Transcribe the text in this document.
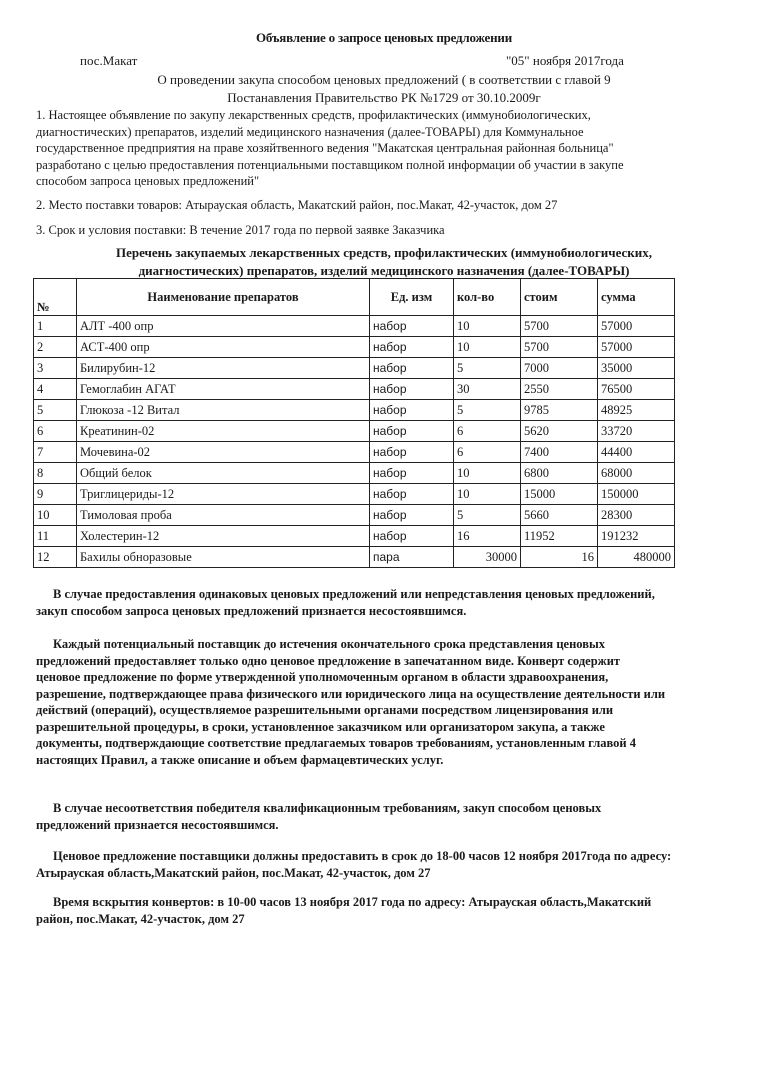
Объявление о запросе ценовых предложении
пос.Макат	"05" ноября 2017года
О проведении закупа способом ценовых предложений ( в соответствии с главой 9
Постанавления Правительство РК №1729 от 30.10.2009г
1. Настоящее объявление по закупу лекарственных средств, профилактических (иммунобиологических,
диагностических) препаратов, изделий медицинского назначения (далее-ТОВАРЫ) для Коммунальное
государственное предприятия на праве хозяйтвенного ведения "Макатская центральная районная больница"
разработано с целью предоставления потенциальными поставщиком полной информации об участии в закупе
способом запроса ценовых предложений"
2. Место поставки товаров: Атырауская область, Макатский район, пос.Макат, 42-участок, дом 27
3. Срок и условия поставки: В течение 2017 года по первой заявке Заказчика
Перечень закупаемых лекарственных средств, профилактических (иммунобиологических,
диагностических) препаратов, изделий медицинского назначения (далее-ТОВАРЫ)
№	Наименование препаратов	Ед. изм	кол-во	стоим	сумма
1	АЛТ -400 опр	набор	10	5700	57000
2	АСТ-400 опр	набор	10	5700	57000
3	Билирубин-12	набор	5	7000	35000
4	Гемоглабин АГАТ	набор	30	2550	76500
5	Глюкоза -12 Витал	набор	5	9785	48925
6	Креатинин-02	набор	6	5620	33720
7	Мочевина-02	набор	6	7400	44400
8	Общий белок	набор	10	6800	68000
9	Триглицериды-12	набор	10	15000	150000
10	Тимоловая проба	набор	5	5660	28300
11	Холестерин-12	набор	16	11952	191232
12	Бахилы обноразовые	пара	30000	16	480000
В случае предоставления одинаковых ценовых предложений или непредставления ценовых предложений,
закуп способом запроса ценовых предложений признается несостоявшимся.
Каждый потенциальный поставщик до истечения окончательного срока представления ценовых
предложений предоставляет только одно ценовое предложение в запечатанном виде. Конверт содержит
ценовое предложение по форме утвержденной уполномоченным органом в области здравоохранения,
разрешение, подтверждающее права физического или юридического лица на осуществление деятельности или
действий (операций), осуществляемое разрешительными органами посредством лицензирования или
разрешительной процедуры, в сроки, установленное заказчиком или организатором закупа, а также
документы, подтверждающие соответствие предлагаемых товаров требованиям, установленным главой 4
настоящих Правил, а также описание и объем фармацевтических услуг.
В случае несоответствия победителя квалификационным требованиям, закуп способом ценовых
предложений признается несостоявшимся.
Ценовое предложение поставщики должны предоставить в срок до 18-00 часов 12 ноября 2017года по адресу:
Атырауская область,Макатский район, пос.Макат, 42-участок, дом 27
Время вскрытия конвертов: в 10-00 часов 13 ноября 2017 года по адресу: Атырауская область,Макатский
район, пос.Макат, 42-участок, дом 27
